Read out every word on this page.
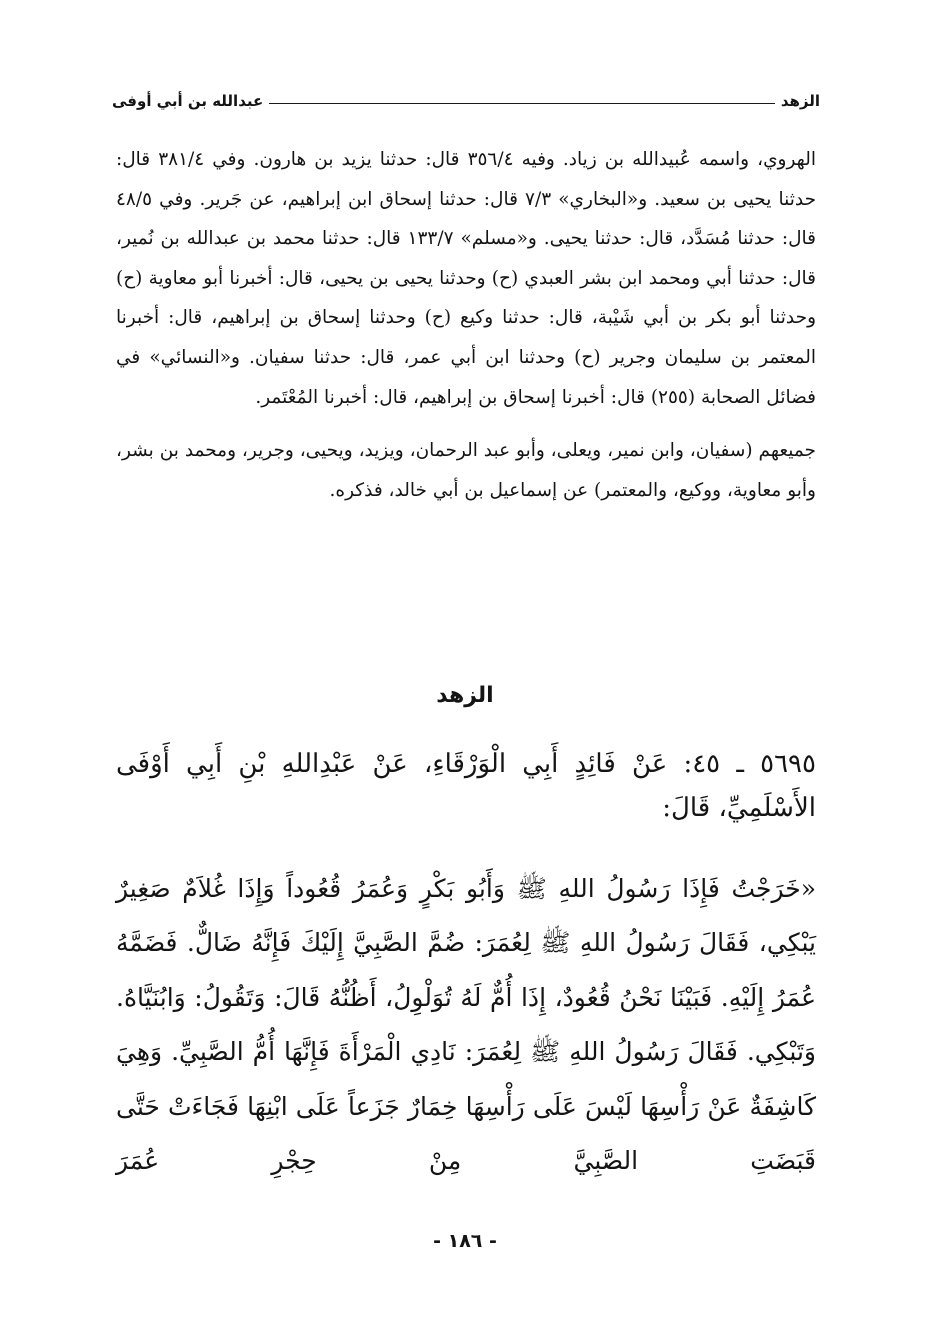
الزهد
عبدالله بن أبي أوفى

الهروي، واسمه عُبيدالله بن زياد. وفيه ٣٥٦/٤ قال: حدثنا يزيد بن هارون. وفي ٣٨١/٤ قال: حدثنا يحيى بن سعيد. و«البخاري» ٧/٣ قال: حدثنا إسحاق ابن إبراهيم، عن جَرير. وفي ٤٨/٥ قال: حدثنا مُسَدَّد، قال: حدثنا يحيى. و«مسلم» ١٣٣/٧ قال: حدثنا محمد بن عبدالله بن نُمير، قال: حدثنا أبي ومحمد ابن بشر العبدي (ح) وحدثنا يحيى بن يحيى، قال: أخبرنا أبو معاوية (ح) وحدثنا أبو بكر بن أبي شَيْبة، قال: حدثنا وكيع (ح) وحدثنا إسحاق بن إبراهيم، قال: أخبرنا المعتمر بن سليمان وجرير (ح) وحدثنا ابن أبي عمر، قال: حدثنا سفيان. و«النسائي» في فضائل الصحابة (٢٥٥) قال: أخبرنا إسحاق بن إبراهيم، قال: أخبرنا المُعْتَمر.

جميعهم (سفيان، وابن نمير، ويعلى، وأبو عبد الرحمان، ويزيد، ويحيى، وجرير، ومحمد بن بشر، وأبو معاوية، ووكيع، والمعتمر) عن إسماعيل بن أبي خالد، فذكره.

الزهد
٥٦٩٥ ـ ٤٥: عَنْ فَائِدٍ أَبِي الْوَرْقَاءِ، عَنْ عَبْدِاللهِ بْنِ أَبِي أَوْفَى الأَسْلَمِيِّ، قَالَ:
«خَرَجْتُ فَإِذَا رَسُولُ اللهِ ﷺ وَأَبُو بَكْرٍ وَعُمَرُ قُعُوداً وَإِذَا غُلاَمٌ صَغِيرٌ يَبْكِي، فَقَالَ رَسُولُ اللهِ ﷺ لِعُمَرَ: ضُمَّ الصَّبِيَّ إِلَيْكَ فَإِنَّهُ ضَالٌّ. فَضَمَّهُ عُمَرُ إِلَيْهِ. فَبَيْنَا نَحْنُ قُعُودٌ، إِذَا أُمٌّ لَهُ تُوَلْوِلُ، أَظُنُّهُ قَالَ: وَتَقُولُ: وَابُنَيَّاهُ. وَتَبْكِي. فَقَالَ رَسُولُ اللهِ ﷺ لِعُمَرَ: نَادِي الْمَرْأَةَ فَإِنَّهَا أُمُّ الصَّبِيِّ. وَهِيَ كَاشِفَةٌ عَنْ رَأْسِهَا لَيْسَ عَلَى رَأْسِهَا خِمَارٌ جَزَعاً عَلَى ابْنِهَا فَجَاءَتْ حَتَّى قَبَضَتِ الصَّبِيَّ مِنْ حِجْرِ عُمَرَ
- ١٨٦ -
